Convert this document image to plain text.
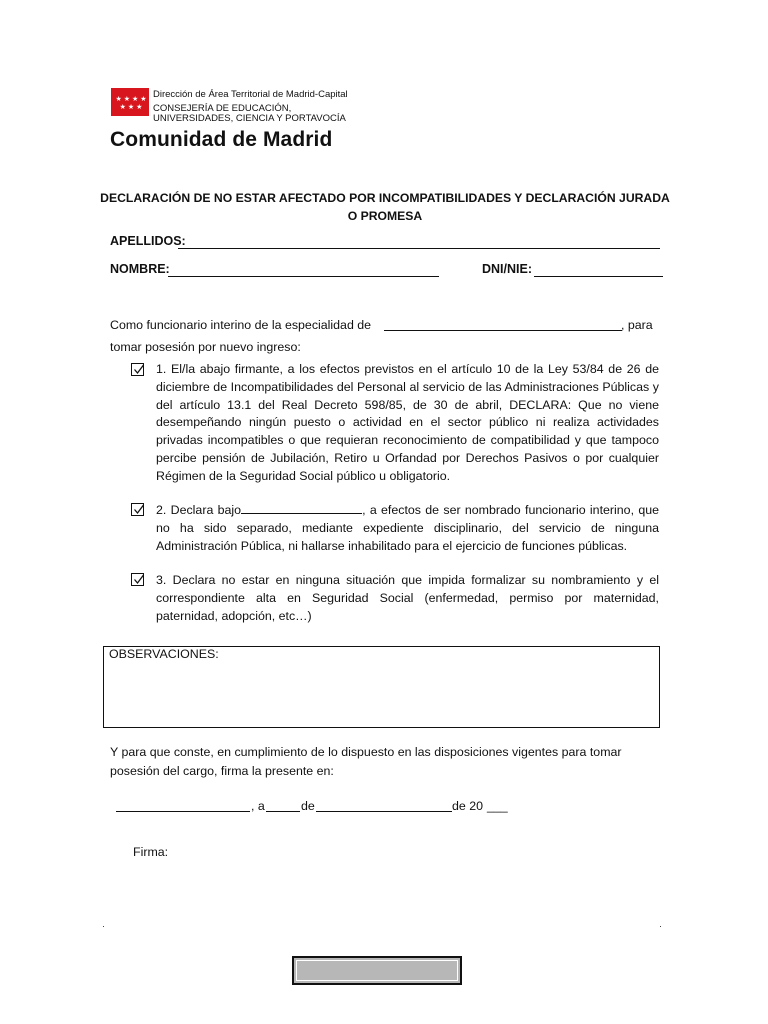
★ ★ ★ ★
★ ★ ★
Dirección de Área Territorial de Madrid-Capital
CONSEJERÍA DE EDUCACIÓN,
UNIVERSIDADES, CIENCIA Y PORTAVOCÍA
Comunidad de Madrid
DECLARACIÓN DE NO ESTAR AFECTADO POR INCOMPATIBILIDADES Y DECLARACIÓN JURADA
O PROMESA
APELLIDOS:
NOMBRE:	DNI/NIE:
Como funcionario interino de la especialidad de	, para
tomar posesión por nuevo ingreso:
1. El/la abajo firmante, a los efectos previstos en el artículo 10 de la Ley 53/84 de 26 de diciembre de Incompatibilidades del Personal al servicio de las Administraciones Públicas y del artículo 13.1 del Real Decreto 598/85, de 30 de abril, DECLARA: Que no viene desempeñando ningún puesto o actividad en el sector público ni realiza actividades privadas incompatibles o que requieran reconocimiento de compatibilidad y que tampoco percibe pensión de Jubilación, Retiro u Orfandad por Derechos Pasivos o por cualquier Régimen de la Seguridad Social público u obligatorio.
2. Declara bajo	, a efectos de ser nombrado funcionario interino, que no ha sido separado, mediante expediente disciplinario, del servicio de ninguna Administración Pública, ni hallarse inhabilitado para el ejercicio de funciones públicas.
3. Declara no estar en ninguna situación que impida formalizar su nombramiento y el correspondiente alta en Seguridad Social (enfermedad, permiso por maternidad, paternidad, adopción, etc…)
OBSERVACIONES:
Y para que conste, en cumplimiento de lo dispuesto en las disposiciones vigentes para tomar
posesión del cargo, firma la presente en:
, a	de	de 20 ___
Firma:
